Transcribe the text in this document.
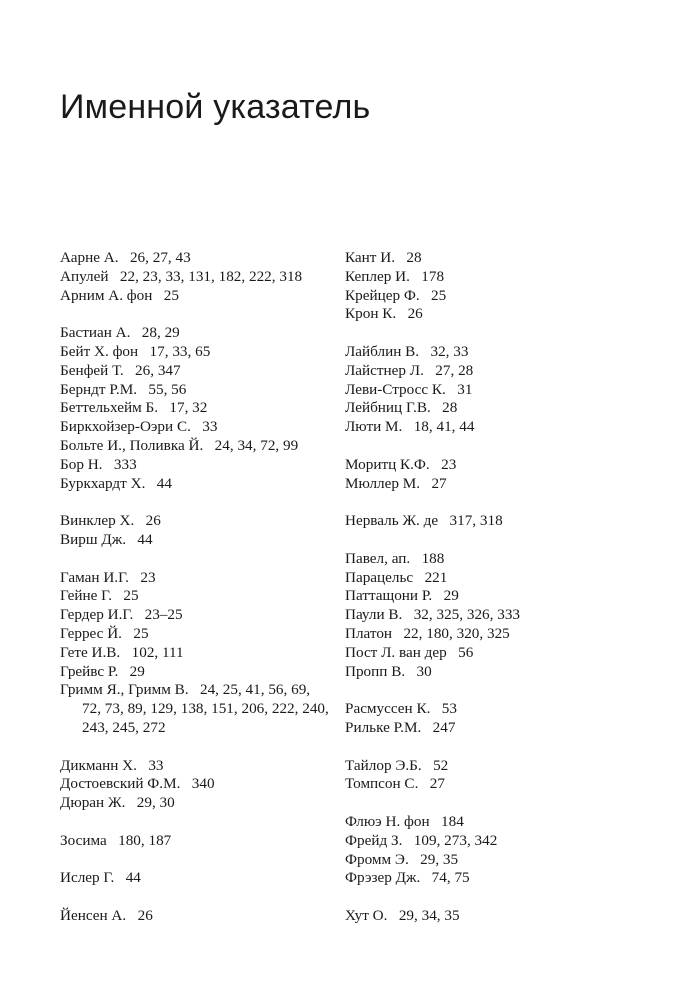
Именной указатель
Аарне А. 26, 27, 43
Апулей 22, 23, 33, 131, 182, 222, 318
Арним А. фон 25
Бастиан А. 28, 29
Бейт Х. фон 17, 33, 65
Бенфей Т. 26, 347
Берндт Р.М. 55, 56
Беттельхейм Б. 17, 32
Биркхойзер-Оэри С. 33
Больте И., Поливка Й. 24, 34, 72, 99
Бор Н. 333
Буркхардт Х. 44
Винклер Х. 26
Вирш Дж. 44
Гаман И.Г. 23
Гейне Г. 25
Гердер И.Г. 23–25
Геррес Й. 25
Гете И.В. 102, 111
Грейвс Р. 29
Гримм Я., Гримм В. 24, 25, 41, 56, 69, 72, 73, 89, 129, 138, 151, 206, 222, 240, 243, 245, 272
Дикманн Х. 33
Достоевский Ф.М. 340
Дюран Ж. 29, 30
Зосима 180, 187
Ислер Г. 44
Йенсен А. 26
Кант И. 28
Кеплер И. 178
Крейцер Ф. 25
Крон К. 26
Лайблин В. 32, 33
Лайстнер Л. 27, 28
Леви-Стросс К. 31
Лейбниц Г.В. 28
Люти М. 18, 41, 44
Моритц К.Ф. 23
Мюллер М. 27
Нерваль Ж. де 317, 318
Павел, ап. 188
Парацельс 221
Паттащони Р. 29
Паули В. 32, 325, 326, 333
Платон 22, 180, 320, 325
Пост Л. ван дер 56
Пропп В. 30
Расмуссен К. 53
Рильке Р.М. 247
Тайлор Э.Б. 52
Томпсон С. 27
Флюэ Н. фон 184
Фрейд З. 109, 273, 342
Фромм Э. 29, 35
Фрэзер Дж. 74, 75
Хут О. 29, 34, 35
